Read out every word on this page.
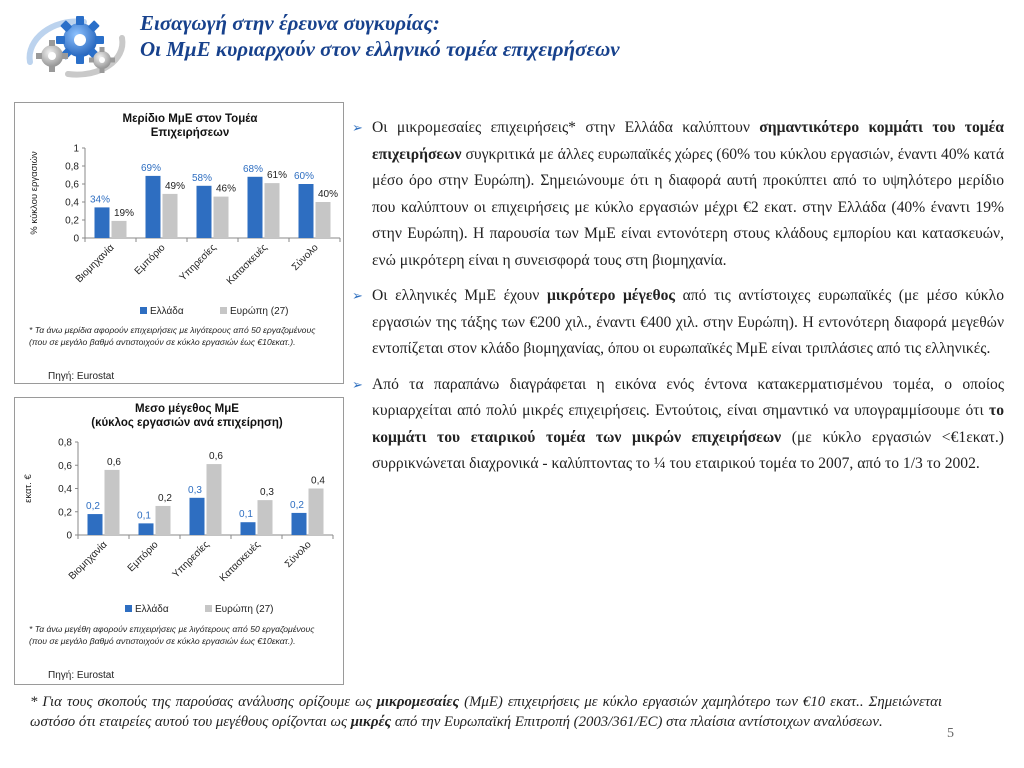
Εισαγωγή στην έρευνα συγκυρίας:
Οι ΜμΕ κυριαρχούν στον ελληνικό τομέα επιχειρήσεων
Μερίδιο ΜμΕ στον Τομέα
Επιχειρήσεων
% κύκλου εργασιών
0
0,2
0,4
0,6
0,8
1
34%
19%
Βιομηχανία
69%
49%
Εμπόριο
58%
46%
Υπηρεσίες
68%
61%
Κατασκευές
60%
40%
Σύνολο
Ελλάδα	Ευρώπη (27)
* Τα άνω μερίδια αφορούν επιχειρήσεις με λιγότερους από 50 εργαζομένους (που σε μεγάλο βαθμό αντιστοιχούν σε κύκλο εργασιών έως €10εκατ.).
Πηγή: Eurostat
Μεσο μέγεθος ΜμΕ
(κύκλος εργασιών ανά επιχείρηση)
εκατ. €
0
0,2
0,4
0,6
0,8
0,2
0,6
Βιομηχανία
0,1
0,2
Εμπόριο
0,3
0,6
Υπηρεσίες
0,1
0,3
Κατασκευές
0,2
0,4
Σύνολο
Ελλάδα	Ευρώπη (27)
* Τα άνω μεγέθη αφορούν επιχειρήσεις με λιγότερους από 50 εργαζομένους (που σε μεγάλο βαθμό αντιστοιχούν σε κύκλο εργασιών έως €10εκατ.).
Πηγή: Eurostat
➢ Οι μικρομεσαίες επιχειρήσεις* στην Ελλάδα καλύπτουν σημαντικότερο κομμάτι του τομέα επιχειρήσεων συγκριτικά με άλλες ευρωπαϊκές χώρες (60% του κύκλου εργασιών, έναντι 40% κατά μέσο όρο στην Ευρώπη). Σημειώνουμε ότι η διαφορά αυτή προκύπτει από το υψηλότερο μερίδιο που καλύπτουν οι επιχειρήσεις με κύκλο εργασιών μέχρι €2 εκατ. στην Ελλάδα (40% έναντι 19% στην Ευρώπη). Η παρουσία των ΜμΕ είναι εντονότερη στους κλάδους εμπορίου και κατασκευών, ενώ μικρότερη είναι η συνεισφορά τους στη βιομηχανία.
➢ Οι ελληνικές ΜμΕ έχουν μικρότερο μέγεθος από τις αντίστοιχες ευρωπαϊκές (με μέσο κύκλο εργασιών της τάξης των €200 χιλ., έναντι €400 χιλ. στην Ευρώπη). Η εντονότερη διαφορά μεγεθών εντοπίζεται στον κλάδο βιομηχανίας, όπου οι ευρωπαϊκές ΜμΕ είναι τριπλάσιες από τις ελληνικές.
➢ Από τα παραπάνω διαγράφεται η εικόνα ενός έντονα κατακερματισμένου τομέα, ο οποίος κυριαρχείται από πολύ μικρές επιχειρήσεις. Εντούτοις, είναι σημαντικό να υπογραμμίσουμε ότι το κομμάτι του εταιρικού τομέα των μικρών επιχειρήσεων (με κύκλο εργασιών <€1εκατ.) συρρικνώνεται διαχρονικά - καλύπτοντας το ¼ του εταιρικού τομέα το 2007, από το 1/3 το 2002.
* Για τους σκοπούς της παρούσας ανάλυσης ορίζουμε ως μικρομεσαίες (ΜμΕ) επιχειρήσεις με κύκλο εργασιών χαμηλότερο των €10 εκατ.. Σημειώνεται ωστόσο ότι εταιρείες αυτού του μεγέθους ορίζονται ως μικρές από την Ευρωπαϊκή Επιτροπή (2003/361/EC) στα πλαίσια αντίστοιχων αναλύσεων.
5
